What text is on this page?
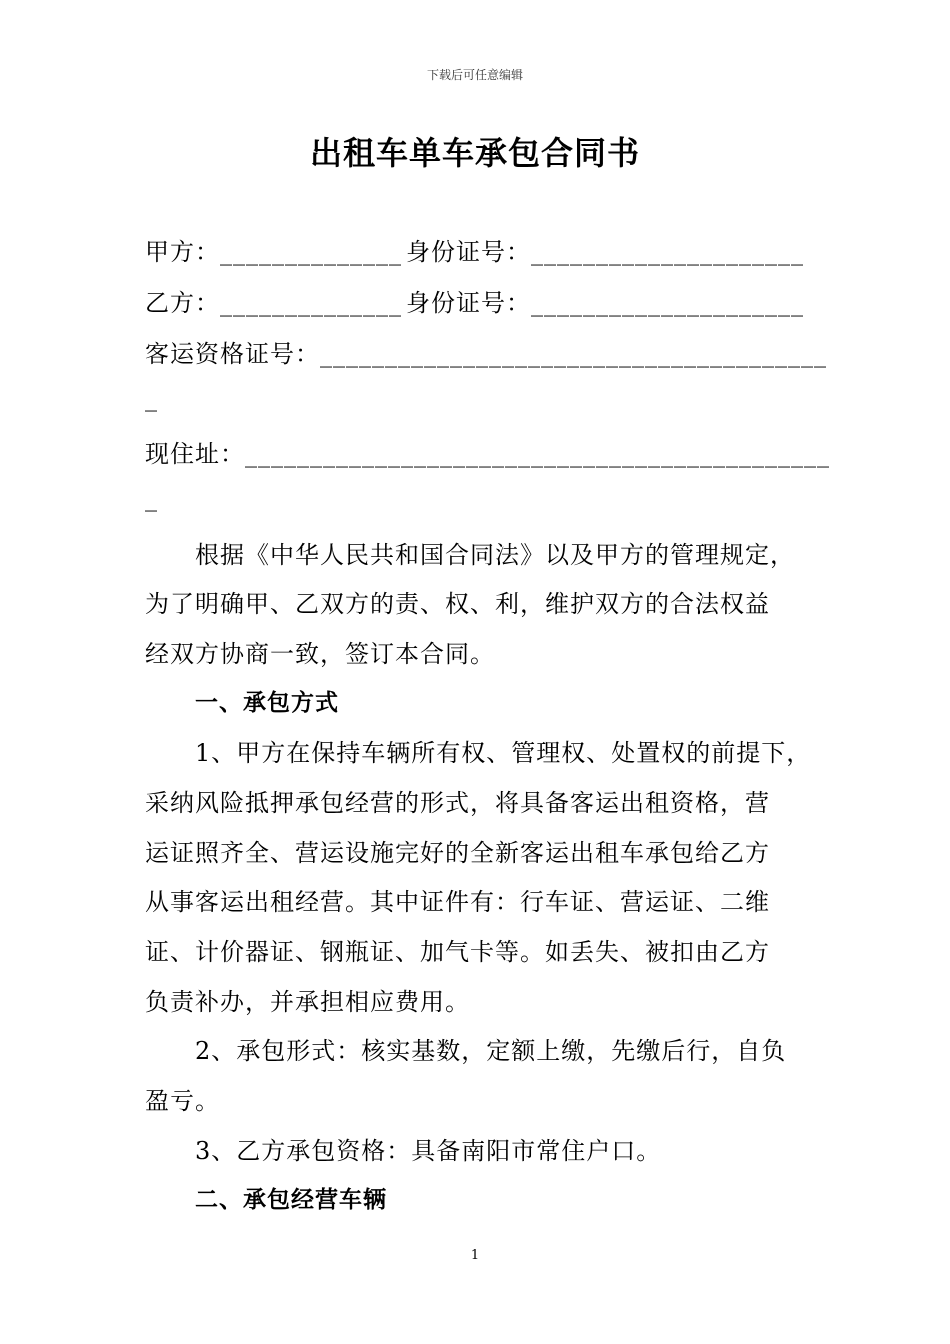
下载后可任意编辑
出租车单车承包合同书
甲方：______________ 身份证号：_____________________
乙方：______________ 身份证号：_____________________
客运资格证号：_______________________________________
_
现住址：_____________________________________________
_
根据《中华人民共和国合同法》以及甲方的管理规定，
为了明确甲、乙双方的责、权、利，维护双方的合法权益
经双方协商一致，签订本合同。
一、承包方式
1、甲方在保持车辆所有权、管理权、处置权的前提下，
采纳风险抵押承包经营的形式，将具备客运出租资格，营
运证照齐全、营运设施完好的全新客运出租车承包给乙方
从事客运出租经营。其中证件有：行车证、营运证、二维
证、计价器证、钢瓶证、加气卡等。如丢失、被扣由乙方
负责补办，并承担相应费用。
2、承包形式：核实基数，定额上缴，先缴后行，自负
盈亏。
3、乙方承包资格：具备南阳市常住户口。
二、承包经营车辆
1
